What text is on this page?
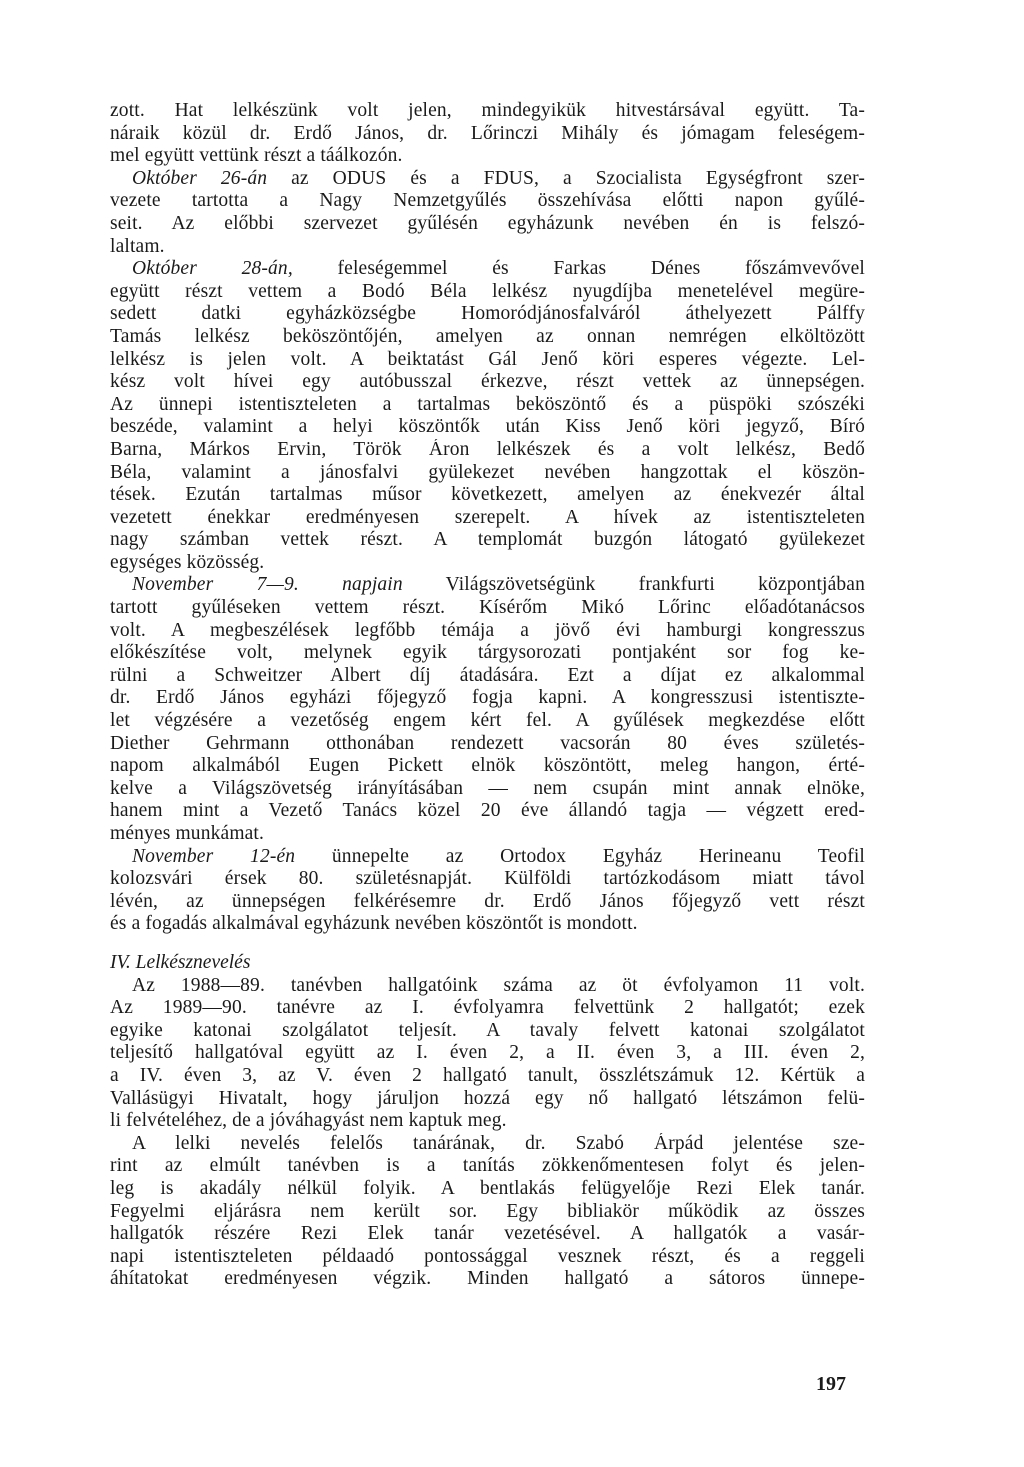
zott. Hat lelkészünk volt jelen, mindegyikük hitvestársával együtt. Ta-
náraik közül dr. Erdő János, dr. Lőrinczi Mihály és jómagam feleségem-
mel együtt vettünk részt a táálkozón.
Október 26-án az ODUS és a FDUS, a Szocialista Egységfront szer-
vezete tartotta a Nagy Nemzetgyűlés összehívása előtti napon gyűlé-
seit. Az előbbi szervezet gyűlésén egyházunk nevében én is felszó-
laltam.
Október 28-án, feleségemmel és Farkas Dénes főszámvevővel
együtt részt vettem a Bodó Béla lelkész nyugdíjba menetelével megüre-
sedett datki egyházközségbe Homoródjánosfalváról áthelyezett Pálffy
Tamás lelkész beköszöntőjén, amelyen az onnan nemrégen elköltözött
lelkész is jelen volt. A beiktatást Gál Jenő köri esperes végezte. Lel-
kész volt hívei egy autóbusszal érkezve, részt vettek az ünnepségen.
Az ünnepi istentiszteleten a tartalmas beköszöntő és a püspöki szószéki
beszéde, valamint a helyi köszöntők után Kiss Jenő köri jegyző, Bíró
Barna, Márkos Ervin, Török Áron lelkészek és a volt lelkész, Bedő
Béla, valamint a jánosfalvi gyülekezet nevében hangzottak el köszön-
tések. Ezután tartalmas műsor következett, amelyen az énekvezér által
vezetett énekkar eredményesen szerepelt. A hívek az istentiszteleten
nagy számban vettek részt. A templomát buzgón látogató gyülekezet
egységes közösség.
November 7—9. napjain Világszövetségünk frankfurti központjában
tartott gyűléseken vettem részt. Kísérőm Mikó Lőrinc előadótanácsos
volt. A megbeszélések legfőbb témája a jövő évi hamburgi kongresszus
előkészítése volt, melynek egyik tárgysorozati pontjaként sor fog ke-
rülni a Schweitzer Albert díj átadására. Ezt a díjat ez alkalommal
dr. Erdő János egyházi főjegyző fogja kapni. A kongresszusi istentiszte-
let végzésére a vezetőség engem kért fel. A gyűlések megkezdése előtt
Diether Gehrmann otthonában rendezett vacsorán 80 éves születés-
napom alkalmából Eugen Pickett elnök köszöntött, meleg hangon, érté-
kelve a Világszövetség irányításában — nem csupán mint annak elnöke,
hanem mint a Vezető Tanács közel 20 éve állandó tagja — végzett ered-
ményes munkámat.
November 12-én ünnepelte az Ortodox Egyház Herineanu Teofil
kolozsvári érsek 80. születésnapját. Külföldi tartózkodásom miatt távol
lévén, az ünnepségen felkérésemre dr. Erdő János főjegyző vett részt
és a fogadás alkalmával egyházunk nevében köszöntőt is mondott.
IV. Lelkésznevelés
Az 1988—89. tanévben hallgatóink száma az öt évfolyamon 11 volt.
Az 1989—90. tanévre az I. évfolyamra felvettünk 2 hallgatót; ezek
egyike katonai szolgálatot teljesít. A tavaly felvett katonai szolgálatot
teljesítő hallgatóval együtt az I. éven 2, a II. éven 3, a III. éven 2,
a IV. éven 3, az V. éven 2 hallgató tanult, összlétszámuk 12. Kértük a
Vallásügyi Hivatalt, hogy járuljon hozzá egy nő hallgató létszámon felü-
li felvételéhez, de a jóváhagyást nem kaptuk meg.
A lelki nevelés felelős tanárának, dr. Szabó Árpád jelentése sze-
rint az elmúlt tanévben is a tanítás zökkenőmentesen folyt és jelen-
leg is akadály nélkül folyik. A bentlakás felügyelője Rezi Elek tanár.
Fegyelmi eljárásra nem került sor. Egy bibliakör működik az összes
hallgatók részére Rezi Elek tanár vezetésével. A hallgatók a vasár-
napi istentiszteleten példaadó pontossággal vesznek részt, és a reggeli
áhítatokat eredményesen végzik. Minden hallgató a sátoros ünnepe-
197
